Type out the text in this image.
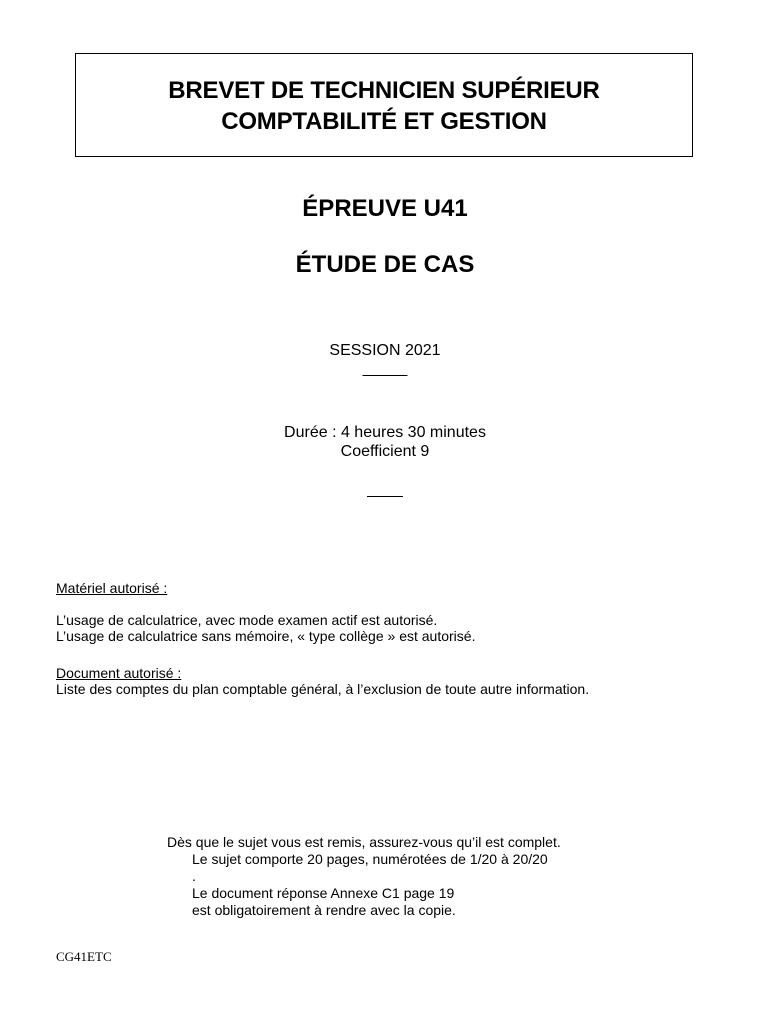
BREVET DE TECHNICIEN SUPÉRIEUR
COMPTABILITÉ ET GESTION
ÉPREUVE U41
ÉTUDE DE CAS
SESSION 2021
_____
Durée : 4 heures 30 minutes
Coefficient 9
____
Matériel autorisé :
L’usage de calculatrice, avec mode examen actif est autorisé.
L’usage de calculatrice sans mémoire, « type collège » est autorisé.
Document autorisé :
Liste des comptes du plan comptable général, à l’exclusion de toute autre information.
Dès que le sujet vous est remis, assurez-vous qu’il est complet.
Le sujet comporte 20 pages, numérotées de 1/20 à 20/20
.
Le document réponse Annexe C1 page 19
est obligatoirement à rendre avec la copie.
CG41ETC
